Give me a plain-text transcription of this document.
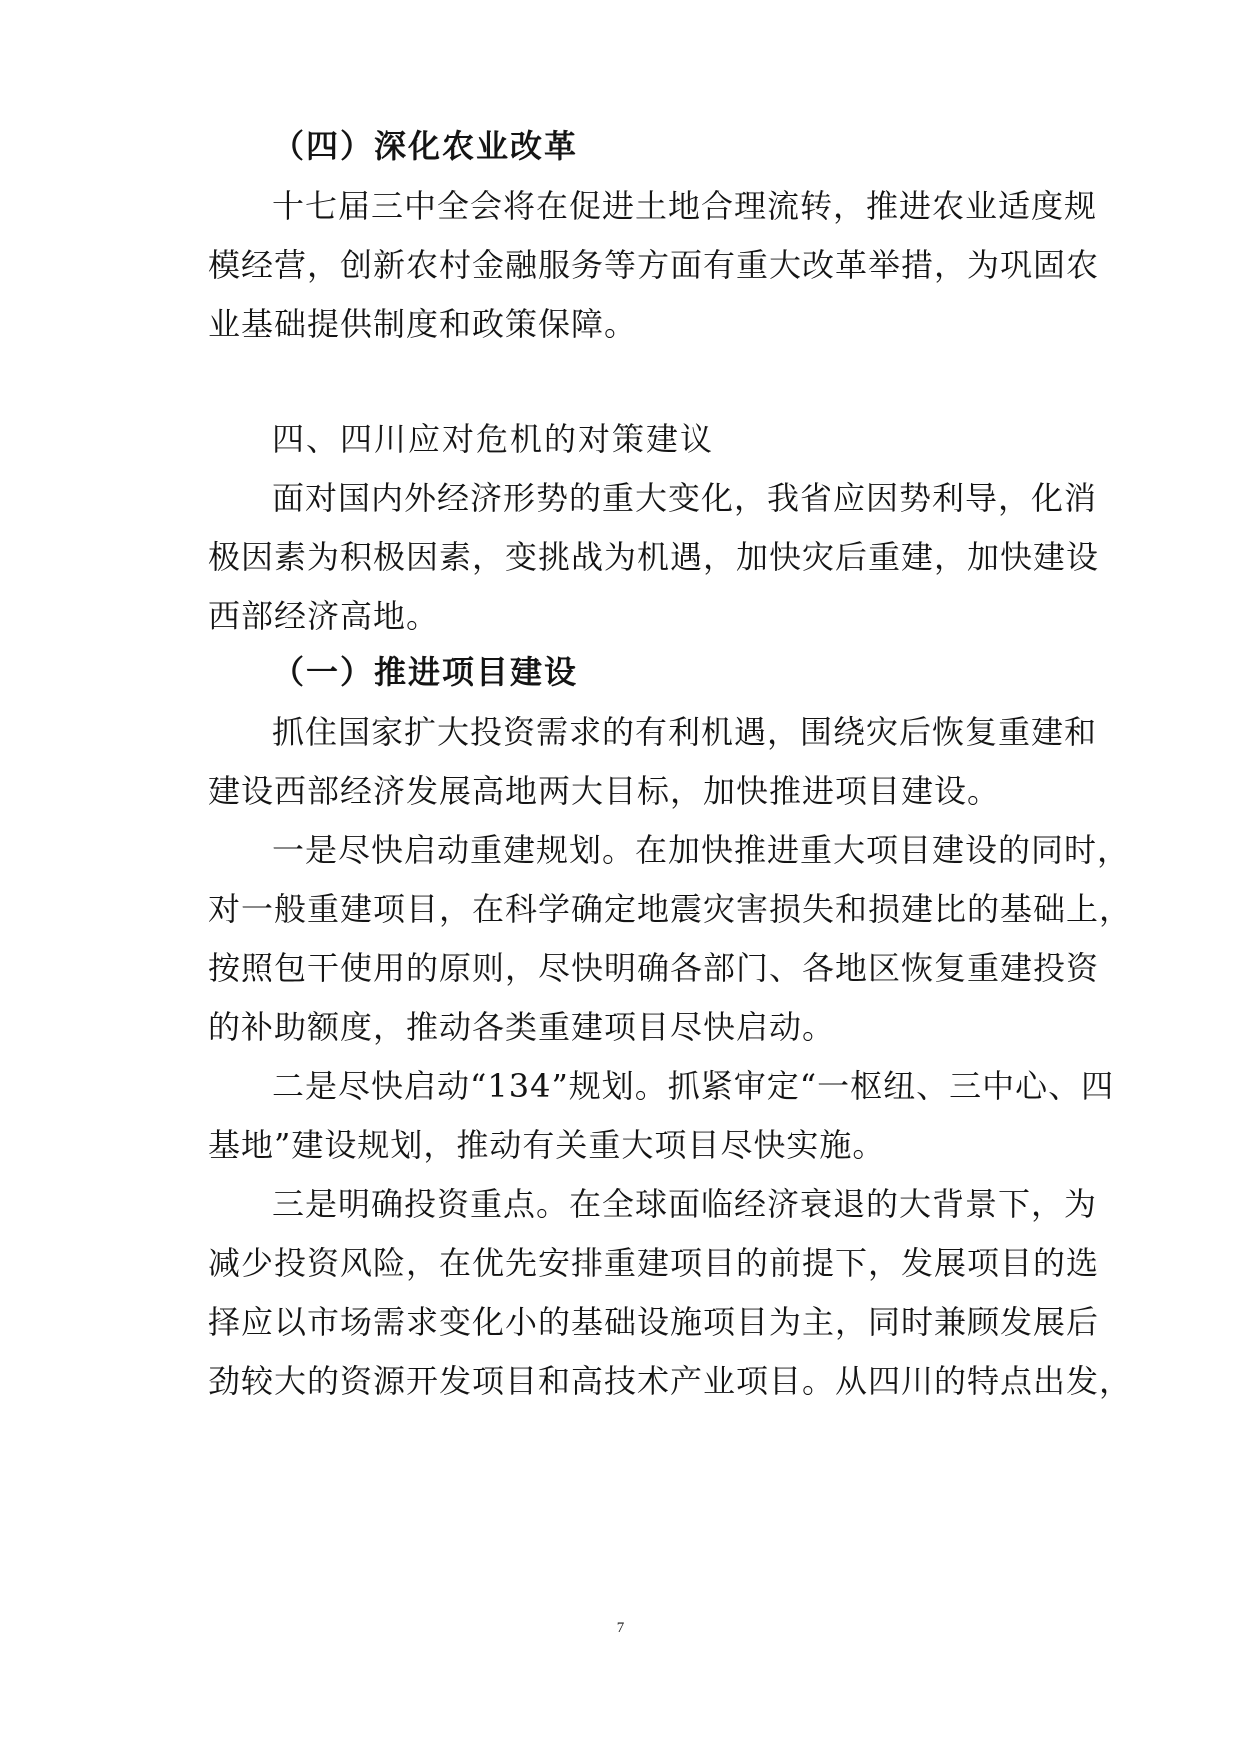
（四）深化农业改革
十七届三中全会将在促进土地合理流转，推进农业适度规
模经营，创新农村金融服务等方面有重大改革举措，为巩固农
业基础提供制度和政策保障。
四、四川应对危机的对策建议
面对国内外经济形势的重大变化，我省应因势利导，化消
极因素为积极因素，变挑战为机遇，加快灾后重建，加快建设
西部经济高地。
（一）推进项目建设
抓住国家扩大投资需求的有利机遇，围绕灾后恢复重建和
建设西部经济发展高地两大目标，加快推进项目建设。
一是尽快启动重建规划。在加快推进重大项目建设的同时，
对一般重建项目，在科学确定地震灾害损失和损建比的基础上，
按照包干使用的原则，尽快明确各部门、各地区恢复重建投资
的补助额度，推动各类重建项目尽快启动。
二是尽快启动“134”规划。抓紧审定“一枢纽、三中心、四
基地”建设规划，推动有关重大项目尽快实施。
三是明确投资重点。在全球面临经济衰退的大背景下，为
减少投资风险，在优先安排重建项目的前提下，发展项目的选
择应以市场需求变化小的基础设施项目为主，同时兼顾发展后
劲较大的资源开发项目和高技术产业项目。从四川的特点出发，
7
